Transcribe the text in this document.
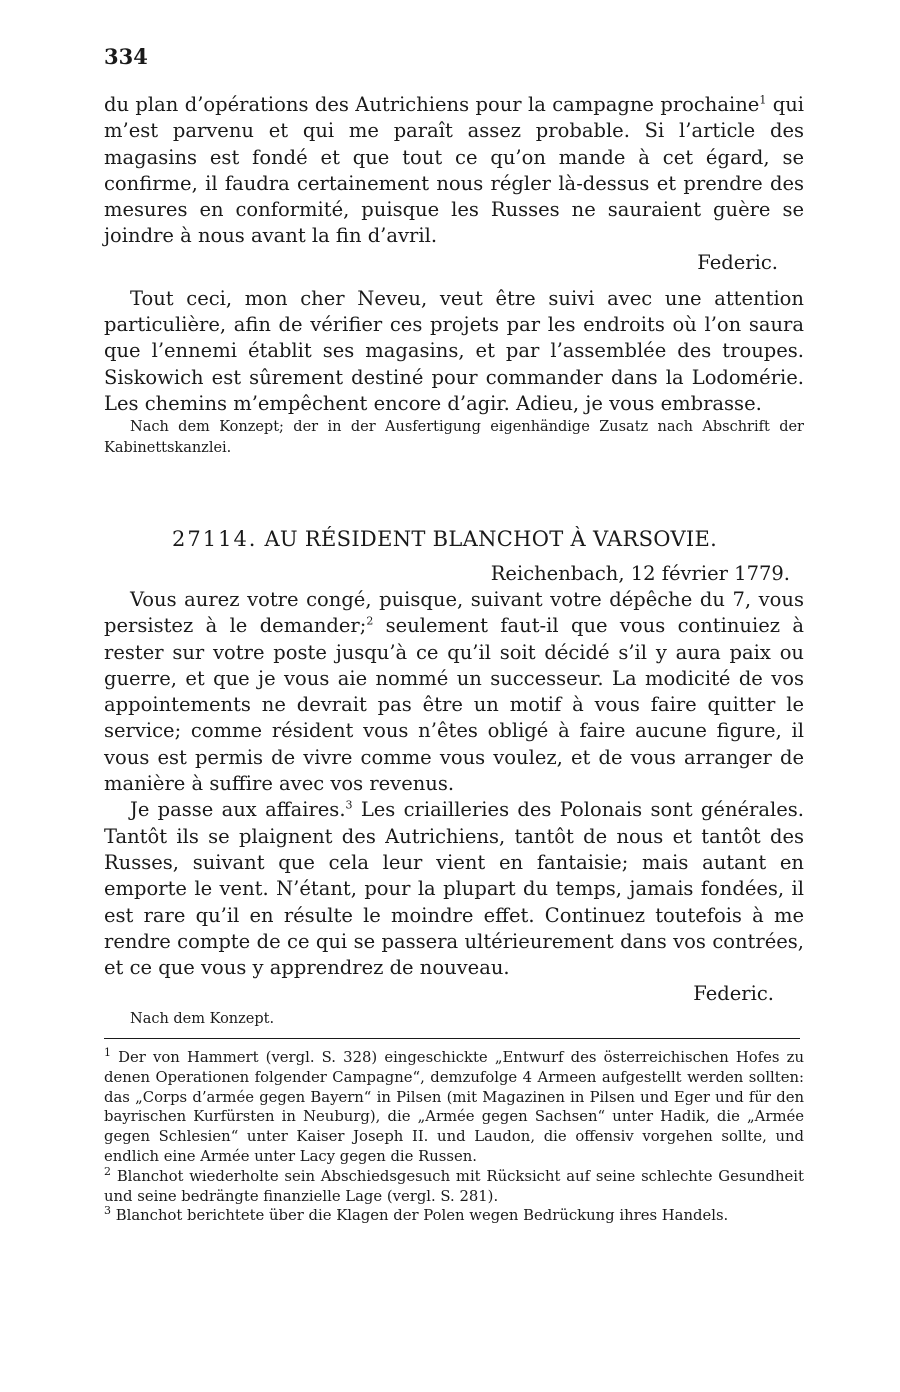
334

du plan d’opérations des Autrichiens pour la campagne prochaine$^1$ qui m’est parvenu et qui me paraît assez probable. Si l’article des magasins est fondé et que tout ce qu’on mande à cet égard, se confirme, il faudra certainement nous régler là-dessus et prendre des mesures en conformité, puisque les Russes ne sauraient guère se joindre à nous avant la fin d’avril.

Federic.

Tout ceci, mon cher Neveu, veut être suivi avec une attention particulière, afin de vérifier ces projets par les endroits où l’on saura que l’ennemi établit ses magasins, et par l’assemblée des troupes. Siskowich est sûrement destiné pour commander dans la Lodomérie. Les chemins m’empêchent encore d’agir. Adieu, je vous embrasse.

Nach dem Konzept; der in der Ausfertigung eigenhändige Zusatz nach Abschrift der Kabinettskanzlei.

27114. AU RÉSIDENT BLANCHOT À VARSOVIE.

Reichenbach, 12 février 1779.

Vous aurez votre congé, puisque, suivant votre dépêche du 7, vous persistez à le demander;$^2$ seulement faut-il que vous continuiez à rester sur votre poste jusqu’à ce qu’il soit décidé s’il y aura paix ou guerre, et que je vous aie nommé un successeur. La modicité de vos appointements ne devrait pas être un motif à vous faire quitter le service; comme résident vous n’êtes obligé à faire aucune figure, il vous est permis de vivre comme vous voulez, et de vous arranger de manière à suffire avec vos revenus.

Je passe aux affaires.$^3$ Les criailleries des Polonais sont générales. Tantôt ils se plaignent des Autrichiens, tantôt de nous et tantôt des Russes, suivant que cela leur vient en fantaisie; mais autant en emporte le vent. N’étant, pour la plupart du temps, jamais fondées, il est rare qu’il en résulte le moindre effet. Continuez toutefois à me rendre compte de ce qui se passera ultérieurement dans vos contrées, et ce que vous y apprendrez de nouveau.

Federic.

Nach dem Konzept.

$^1$ Der von Hammert (vergl. S. 328) eingeschickte „Entwurf des österreichischen Hofes zu denen Operationen folgender Campagne“, demzufolge 4 Armeen aufgestellt werden sollten: das „Corps d’armée gegen Bayern“ in Pilsen (mit Magazinen in Pilsen und Eger und für den bayrischen Kurfürsten in Neuburg), die „Armée gegen Sachsen“ unter Hadik, die „Armée gegen Schlesien“ unter Kaiser Joseph II. und Laudon, die offensiv vorgehen sollte, und endlich eine Armée unter Lacy gegen die Russen.

$^2$ Blanchot wiederholte sein Abschiedsgesuch mit Rücksicht auf seine schlechte Gesundheit und seine bedrängte finanzielle Lage (vergl. S. 281).

$^3$ Blanchot berichtete über die Klagen der Polen wegen Bedrückung ihres Handels.
